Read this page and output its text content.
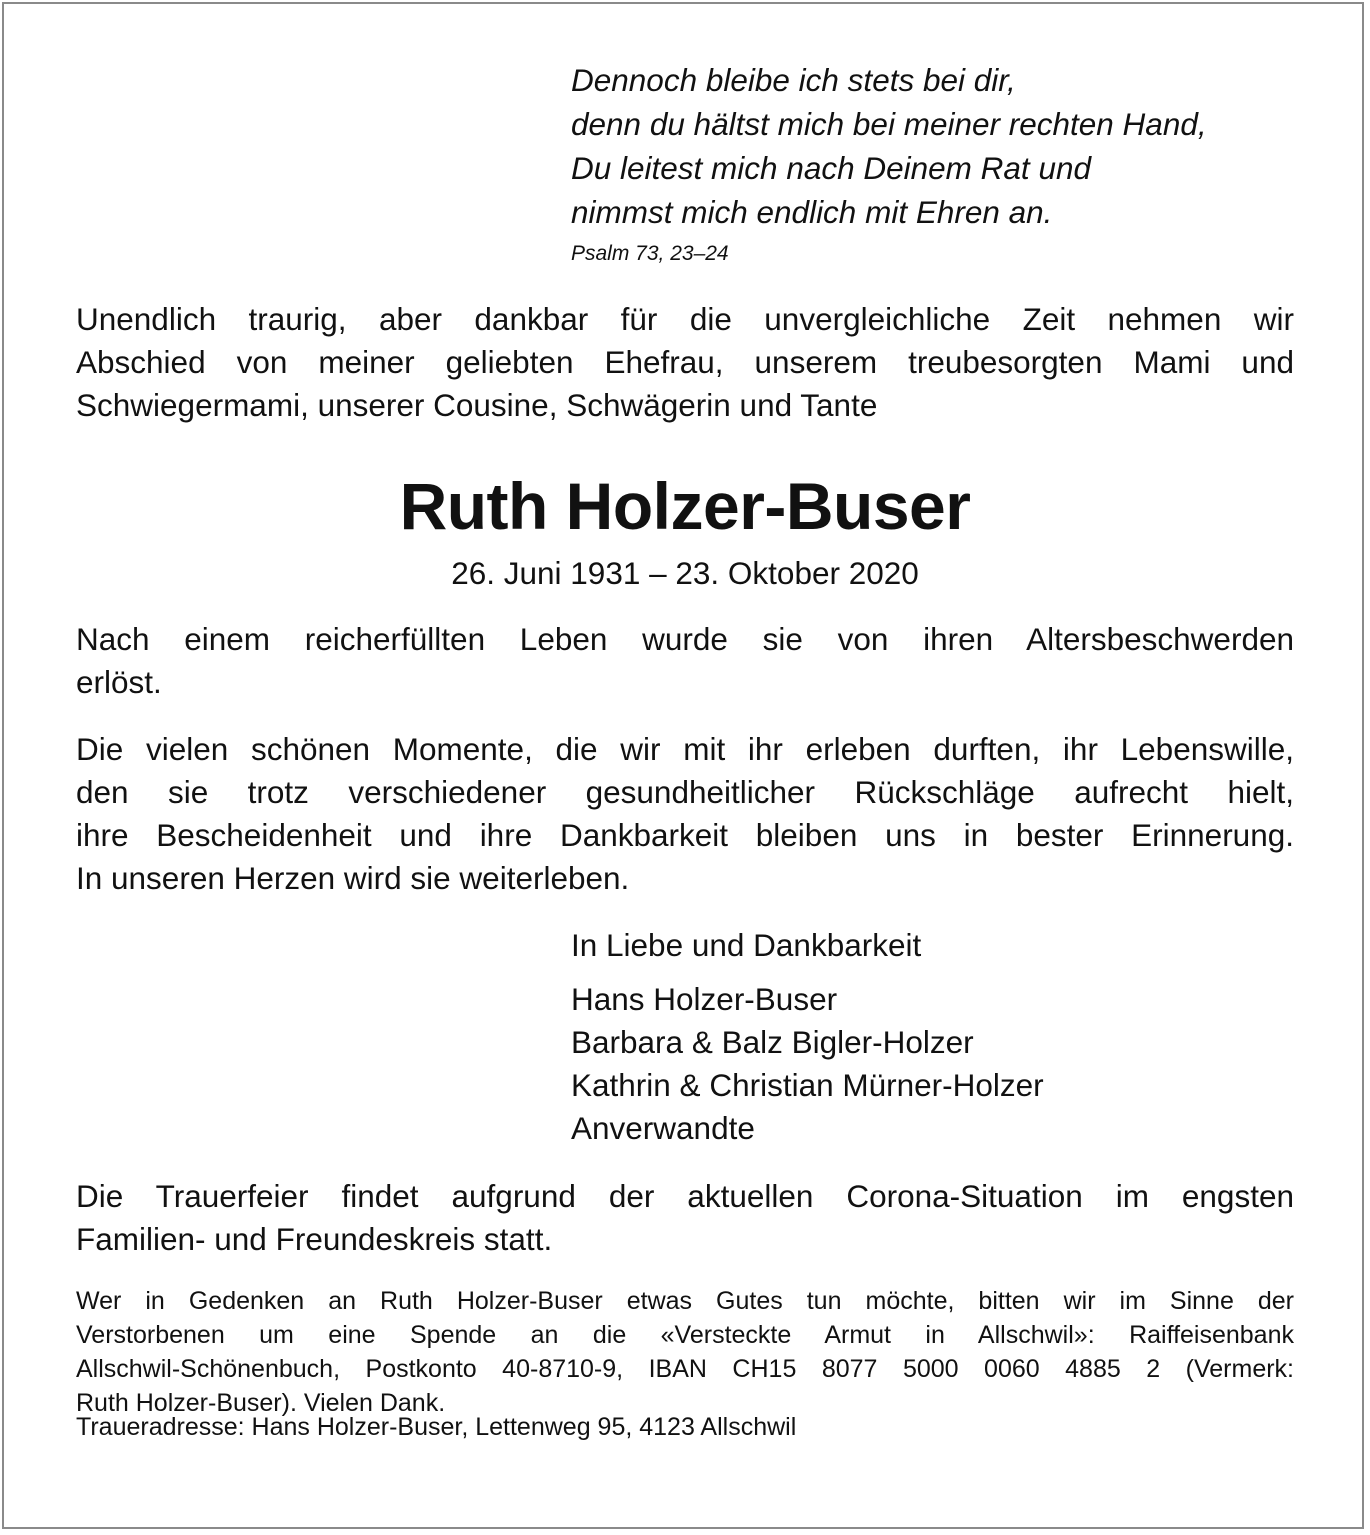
Dennoch bleibe ich stets bei dir,
denn du hältst mich bei meiner rechten Hand,
Du leitest mich nach Deinem Rat und
nimmst mich endlich mit Ehren an.
Psalm 73, 23–24
Unendlich traurig, aber dankbar für die unvergleichliche Zeit nehmen wir
Abschied von meiner geliebten Ehefrau, unserem treubesorgten Mami und
Schwiegermami, unserer Cousine, Schwägerin und Tante
Ruth Holzer-Buser
26. Juni 1931 – 23. Oktober 2020
Nach einem reicherfüllten Leben wurde sie von ihren Altersbeschwerden
erlöst.
Die vielen schönen Momente, die wir mit ihr erleben durften, ihr Lebenswille,
den sie trotz verschiedener gesundheitlicher Rückschläge aufrecht hielt,
ihre Bescheidenheit und ihre Dankbarkeit bleiben uns in bester Erinnerung.
In unseren Herzen wird sie weiterleben.
In Liebe und Dankbarkeit
Hans Holzer-Buser
Barbara & Balz Bigler-Holzer
Kathrin & Christian Mürner-Holzer
Anverwandte
Die Trauerfeier findet aufgrund der aktuellen Corona-Situation im engsten
Familien- und Freundeskreis statt.
Wer in Gedenken an Ruth Holzer-Buser etwas Gutes tun möchte, bitten wir im Sinne der
Verstorbenen um eine Spende an die «Versteckte Armut in Allschwil»: Raiffeisenbank
Allschwil-Schönenbuch, Postkonto 40-8710-9, IBAN CH15 8077 5000 0060 4885 2 (Vermerk:
Ruth Holzer-Buser). Vielen Dank.
Traueradresse: Hans Holzer-Buser, Lettenweg 95, 4123 Allschwil
